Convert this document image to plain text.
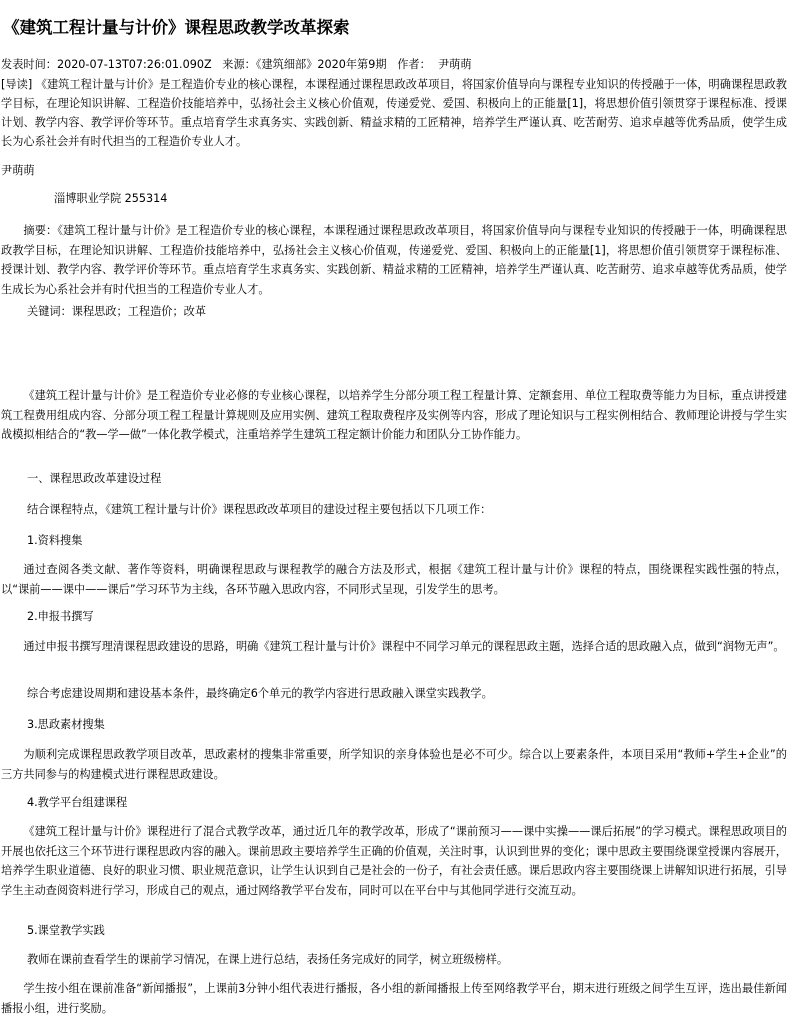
《建筑工程计量与计价》课程思政教学改革探索
发表时间：2020-07-13T07:26:01.090Z 来源：《建筑细部》2020年第9期 作者： 尹萌萌

[导读] 《建筑工程计量与计价》是工程造价专业的核心课程，本课程通过课程思政改革项目，将国家价值导向与课程专业知识的传授融于一体，明确课程思政教学目标，在理论知识讲解、工程造价技能培养中，弘扬社会主义核心价值观，传递爱党、爱国、积极向上的正能量[1]，将思想价值引领贯穿于课程标准、授课计划、教学内容、教学评价等环节。重点培育学生求真务实、实践创新、精益求精的工匠精神，培养学生严谨认真、吃苦耐劳、追求卓越等优秀品质，使学生成长为心系社会并有时代担当的工程造价专业人才。

尹萌萌
淄博职业学院 255314

摘要：《建筑工程计量与计价》是工程造价专业的核心课程，本课程通过课程思政改革项目，将国家价值导向与课程专业知识的传授融于一体，明确课程思政教学目标，在理论知识讲解、工程造价技能培养中，弘扬社会主义核心价值观，传递爱党、爱国、积极向上的正能量[1]，将思想价值引领贯穿于课程标准、授课计划、教学内容、教学评价等环节。重点培育学生求真务实、实践创新、精益求精的工匠精神，培养学生严谨认真、吃苦耐劳、追求卓越等优秀品质，使学生成长为心系社会并有时代担当的工程造价专业人才。

关键词：课程思政；工程造价；改革

《建筑工程计量与计价》是工程造价专业必修的专业核心课程，以培养学生分部分项工程工程量计算、定额套用、单位工程取费等能力为目标，重点讲授建筑工程费用组成内容、分部分项工程工程量计算规则及应用实例、建筑工程取费程序及实例等内容，形成了理论知识与工程实例相结合、教师理论讲授与学生实战模拟相结合的“教—学—做”一体化教学模式，注重培养学生建筑工程定额计价能力和团队分工协作能力。

一、课程思政改革建设过程

结合课程特点，《建筑工程计量与计价》课程思政改革项目的建设过程主要包括以下几项工作：

1.资料搜集

通过查阅各类文献、著作等资料，明确课程思政与课程教学的融合方法及形式，根据《建筑工程计量与计价》课程的特点，围绕课程实践性强的特点，以“课前——课中——课后”学习环节为主线，各环节融入思政内容，不同形式呈现，引发学生的思考。

2.申报书撰写

通过申报书撰写理清课程思政建设的思路，明确《建筑工程计量与计价》课程中不同学习单元的课程思政主题，选择合适的思政融入点，做到“润物无声”。

综合考虑建设周期和建设基本条件，最终确定6个单元的教学内容进行思政融入课堂实践教学。

3.思政素材搜集

为顺利完成课程思政教学项目改革，思政素材的搜集非常重要，所学知识的亲身体验也是必不可少。综合以上要素条件，本项目采用“教师+学生+企业”的三方共同参与的构建模式进行课程思政建设。

4.教学平台组建课程

《建筑工程计量与计价》课程进行了混合式教学改革，通过近几年的教学改革，形成了“课前预习——课中实操——课后拓展”的学习模式。课程思政项目的开展也依托这三个环节进行课程思政内容的融入。课前思政主要培养学生正确的价值观，关注时事，认识到世界的变化；课中思政主要围绕课堂授课内容展开，培养学生职业道德、良好的职业习惯、职业规范意识，让学生认识到自己是社会的一份子，有社会责任感。课后思政内容主要围绕课上讲解知识进行拓展，引导学生主动查阅资料进行学习，形成自己的观点，通过网络教学平台发布，同时可以在平台中与其他同学进行交流互动。

5.课堂教学实践

教师在课前查看学生的课前学习情况，在课上进行总结，表扬任务完成好的同学，树立班级榜样。

学生按小组在课前准备“新闻播报”，上课前3分钟小组代表进行播报，各小组的新闻播报上传至网络教学平台，期末进行班级之间学生互评，选出最佳新闻播报小组，进行奖励。
